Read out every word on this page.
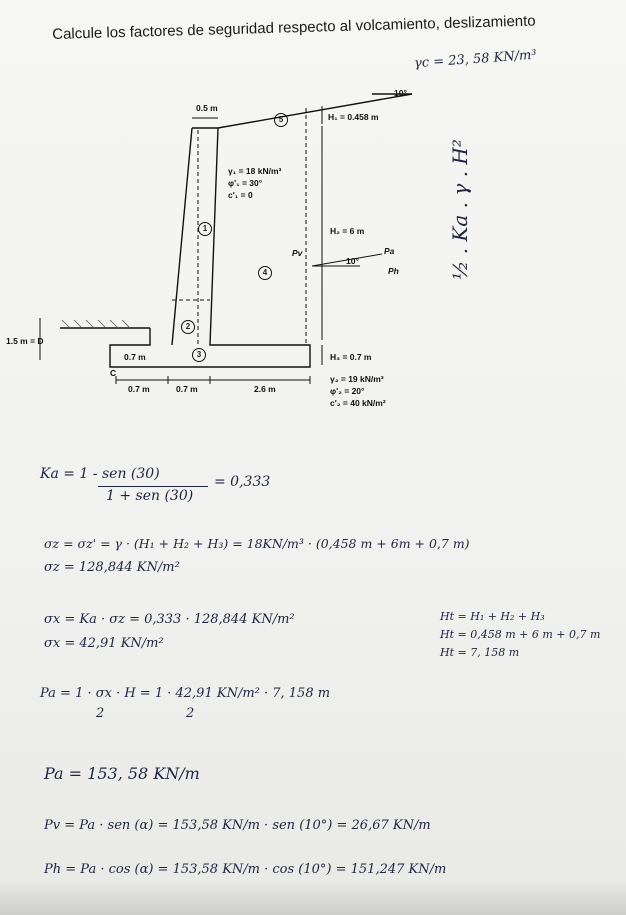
Calcule los factores de seguridad respecto al volcamiento, deslizamiento
γc = 23, 58 KN/m³
10°
0.5 m
H₁ = 0.458 m
H₂ = 6 m
H₃ = 0.7 m
γ₁ = 18 kN/m³
φ'₁ = 30°
c'₁ = 0
γ₂ = 19 kN/m³
φ'₂ = 20°
c'₂ = 40 kN/m²
1.5 m = D
0.7 m
0.7 m	0.7 m	2.6 m
C
Pa
Pv
Ph
10°
5
1
4
2
3
½ . Ka . γ . H²
Ka = 1 - sen (30)	= 0,333
1 + sen (30)
σz = σz' = γ · (H₁ + H₂ + H₃) = 18KN/m³ · (0,458 m + 6m + 0,7 m)
σz = 128,844 KN/m²
σx = Ka · σz = 0,333 · 128,844 KN/m²
σx = 42,91 KN/m²
Ht = H₁ + H₂ + H₃
Ht = 0,458 m + 6 m + 0,7 m
Ht = 7, 158 m
Pa = 1 · σx · H = 1 · 42,91 KN/m² · 7, 158 m
2	2
Pa = 153, 58 KN/m
Pv = Pa · sen (α) = 153,58 KN/m · sen (10°) = 26,67 KN/m
Ph = Pa · cos (α) = 153,58 KN/m · cos (10°) = 151,247 KN/m
